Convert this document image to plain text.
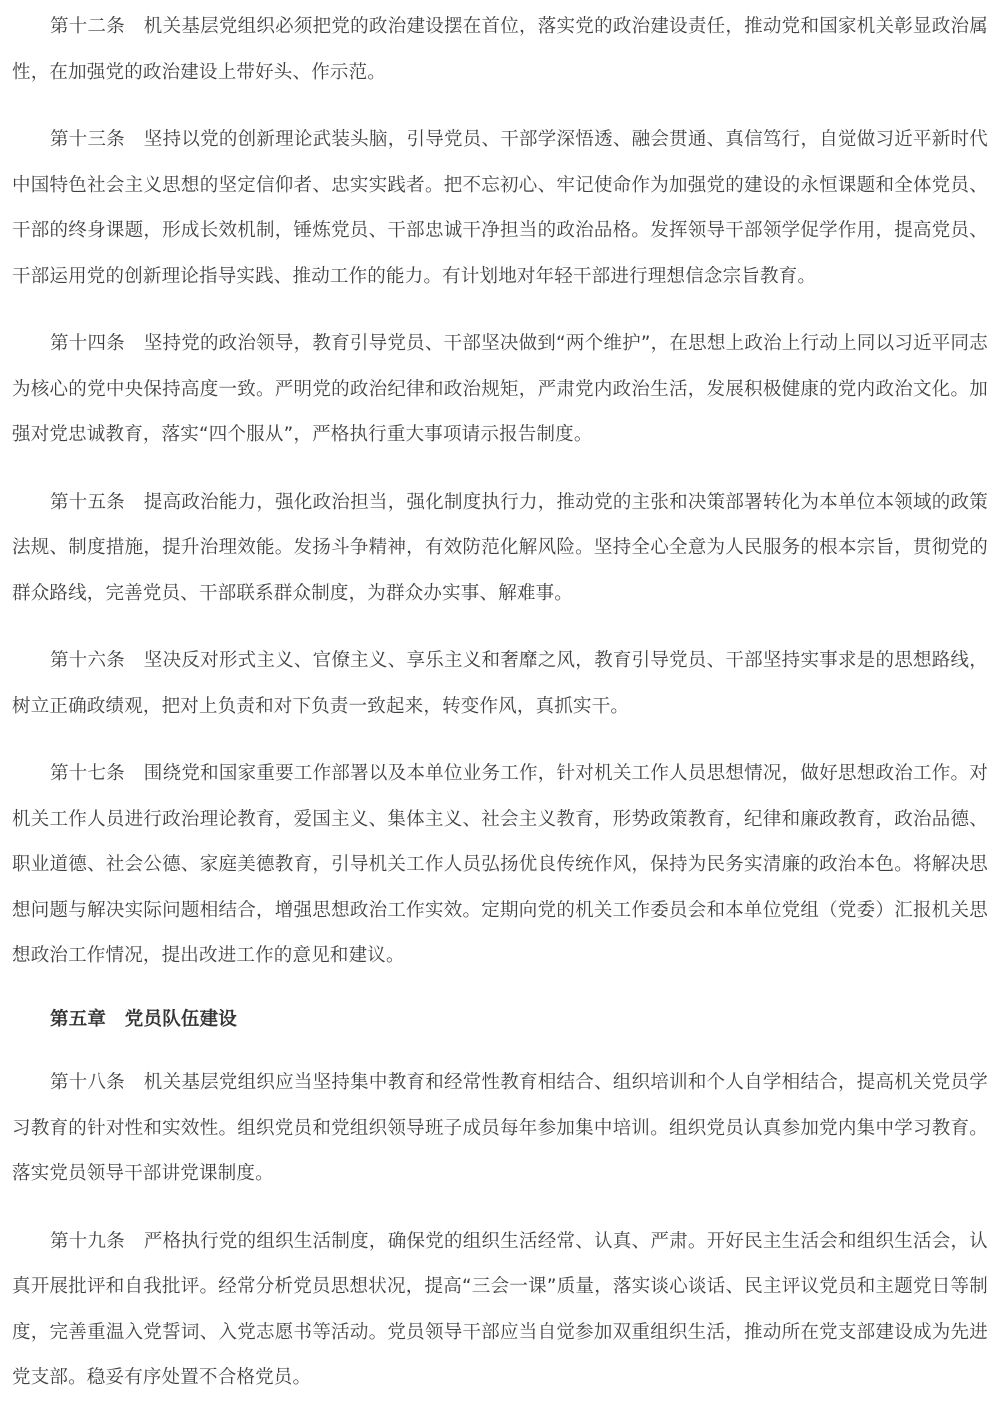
第十二条　机关基层党组织必须把党的政治建设摆在首位，落实党的政治建设责任，推动党和国家机关彰显政治属性，在加强党的政治建设上带好头、作示范。

第十三条　坚持以党的创新理论武装头脑，引导党员、干部学深悟透、融会贯通、真信笃行，自觉做习近平新时代中国特色社会主义思想的坚定信仰者、忠实实践者。把不忘初心、牢记使命作为加强党的建设的永恒课题和全体党员、干部的终身课题，形成长效机制，锤炼党员、干部忠诚干净担当的政治品格。发挥领导干部领学促学作用，提高党员、干部运用党的创新理论指导实践、推动工作的能力。有计划地对年轻干部进行理想信念宗旨教育。

第十四条　坚持党的政治领导，教育引导党员、干部坚决做到“两个维护”，在思想上政治上行动上同以习近平同志为核心的党中央保持高度一致。严明党的政治纪律和政治规矩，严肃党内政治生活，发展积极健康的党内政治文化。加强对党忠诚教育，落实“四个服从”，严格执行重大事项请示报告制度。

第十五条　提高政治能力，强化政治担当，强化制度执行力，推动党的主张和决策部署转化为本单位本领域的政策法规、制度措施，提升治理效能。发扬斗争精神，有效防范化解风险。坚持全心全意为人民服务的根本宗旨，贯彻党的群众路线，完善党员、干部联系群众制度，为群众办实事、解难事。

第十六条　坚决反对形式主义、官僚主义、享乐主义和奢靡之风，教育引导党员、干部坚持实事求是的思想路线，树立正确政绩观，把对上负责和对下负责一致起来，转变作风，真抓实干。

第十七条　围绕党和国家重要工作部署以及本单位业务工作，针对机关工作人员思想情况，做好思想政治工作。对机关工作人员进行政治理论教育，爱国主义、集体主义、社会主义教育，形势政策教育，纪律和廉政教育，政治品德、职业道德、社会公德、家庭美德教育，引导机关工作人员弘扬优良传统作风，保持为民务实清廉的政治本色。将解决思想问题与解决实际问题相结合，增强思想政治工作实效。定期向党的机关工作委员会和本单位党组（党委）汇报机关思想政治工作情况，提出改进工作的意见和建议。

第五章　党员队伍建设

第十八条　机关基层党组织应当坚持集中教育和经常性教育相结合、组织培训和个人自学相结合，提高机关党员学习教育的针对性和实效性。组织党员和党组织领导班子成员每年参加集中培训。组织党员认真参加党内集中学习教育。落实党员领导干部讲党课制度。

第十九条　严格执行党的组织生活制度，确保党的组织生活经常、认真、严肃。开好民主生活会和组织生活会，认真开展批评和自我批评。经常分析党员思想状况，提高“三会一课”质量，落实谈心谈话、民主评议党员和主题党日等制度，完善重温入党誓词、入党志愿书等活动。党员领导干部应当自觉参加双重组织生活，推动所在党支部建设成为先进党支部。稳妥有序处置不合格党员。
